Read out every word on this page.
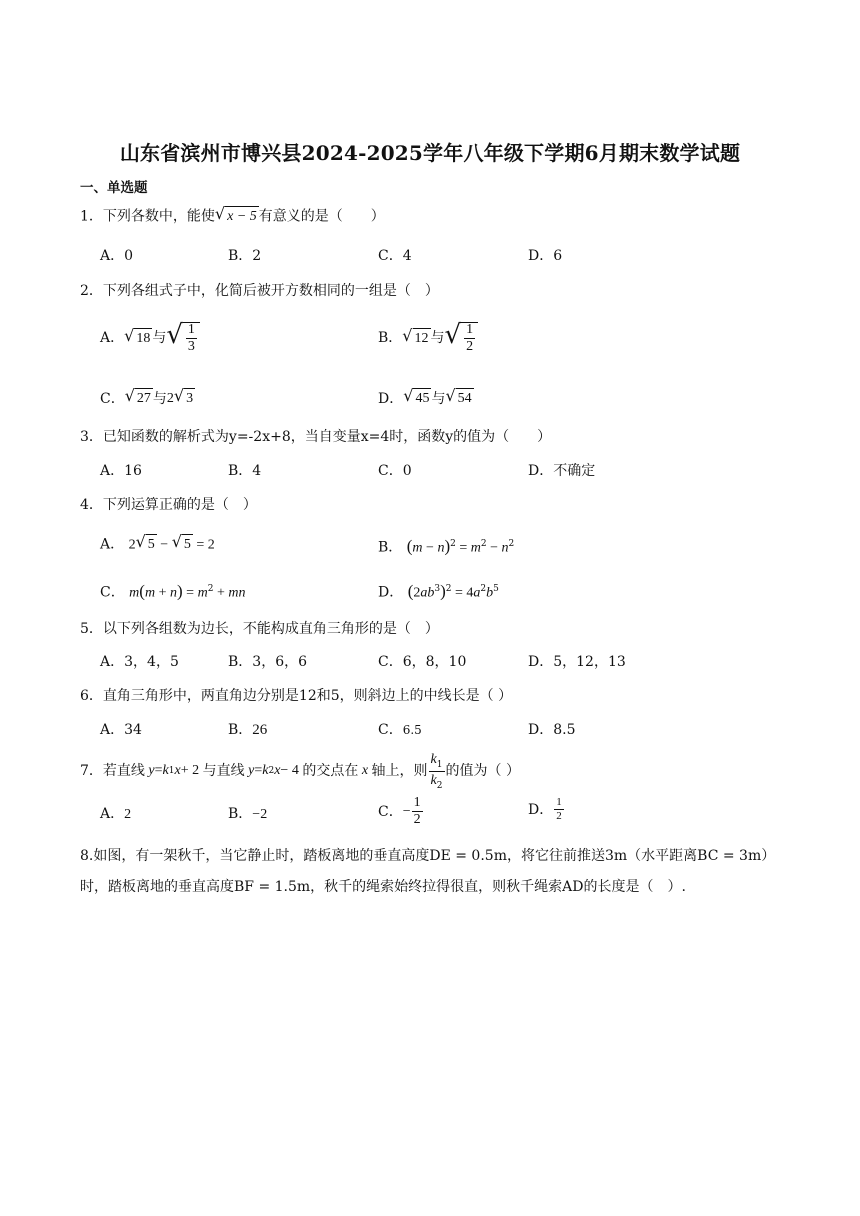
山东省滨州市博兴县2024-2025学年八年级下学期6月期末数学试题
一、单选题
1．下列各数中，能使 √ x − 5 有意义的是（　　）
A．0	B．2	C．4	D．6
2．下列各组式子中，化简后被开方数相同的一组是（　）
A． √ 18 与 √ $\frac{1}{3}$	B． √ 12 与 √ $\frac{1}{2}$
C． √ 27 与 2 √ 3	D． √ 45 与 √ 54
3．已知函数的解析式为y=-2x+8，当自变量x=4时，函数y的值为（　　）
A．16	B．4	C．0	D．不确定
4．下列运算正确的是（　）
A． 2 √ 5 − √ 5 = 2	B． $(m - n)^2 = m^2 - n^2$
C． $m(m + n) = m^2$ + mn	D． $(2ab^3)^2 = 4a^2b^5$
5．以下列各组数为边长，不能构成直角三角形的是（　）
A．3，4，5	B．3，6，6	C．6，8，10	D．5，12，13
6．直角三角形中，两直角边分别是12和5，则斜边上的中线长是（ ）
A．34	B．26	C．6.5	D．8.5
7． 若直线 y = k 1 x + 2 与直线 y = k 2 x − 4 的交点在 x 轴上，则 $\frac{k_1}{k_2}$ 的值为（ ）
A．2	B．−2	C． − $\frac{1}{2}$	D． $\frac{1}{2}$
8.如图，有一架秋千，当它静止时，踏板离地的垂直高度DE = 0.5m，将它往前推送3m（水平距离BC = 3m）
时，踏板离地的垂直高度BF = 1.5m，秋千的绳索始终拉得很直，则秋千绳索AD的长度是（　）.
